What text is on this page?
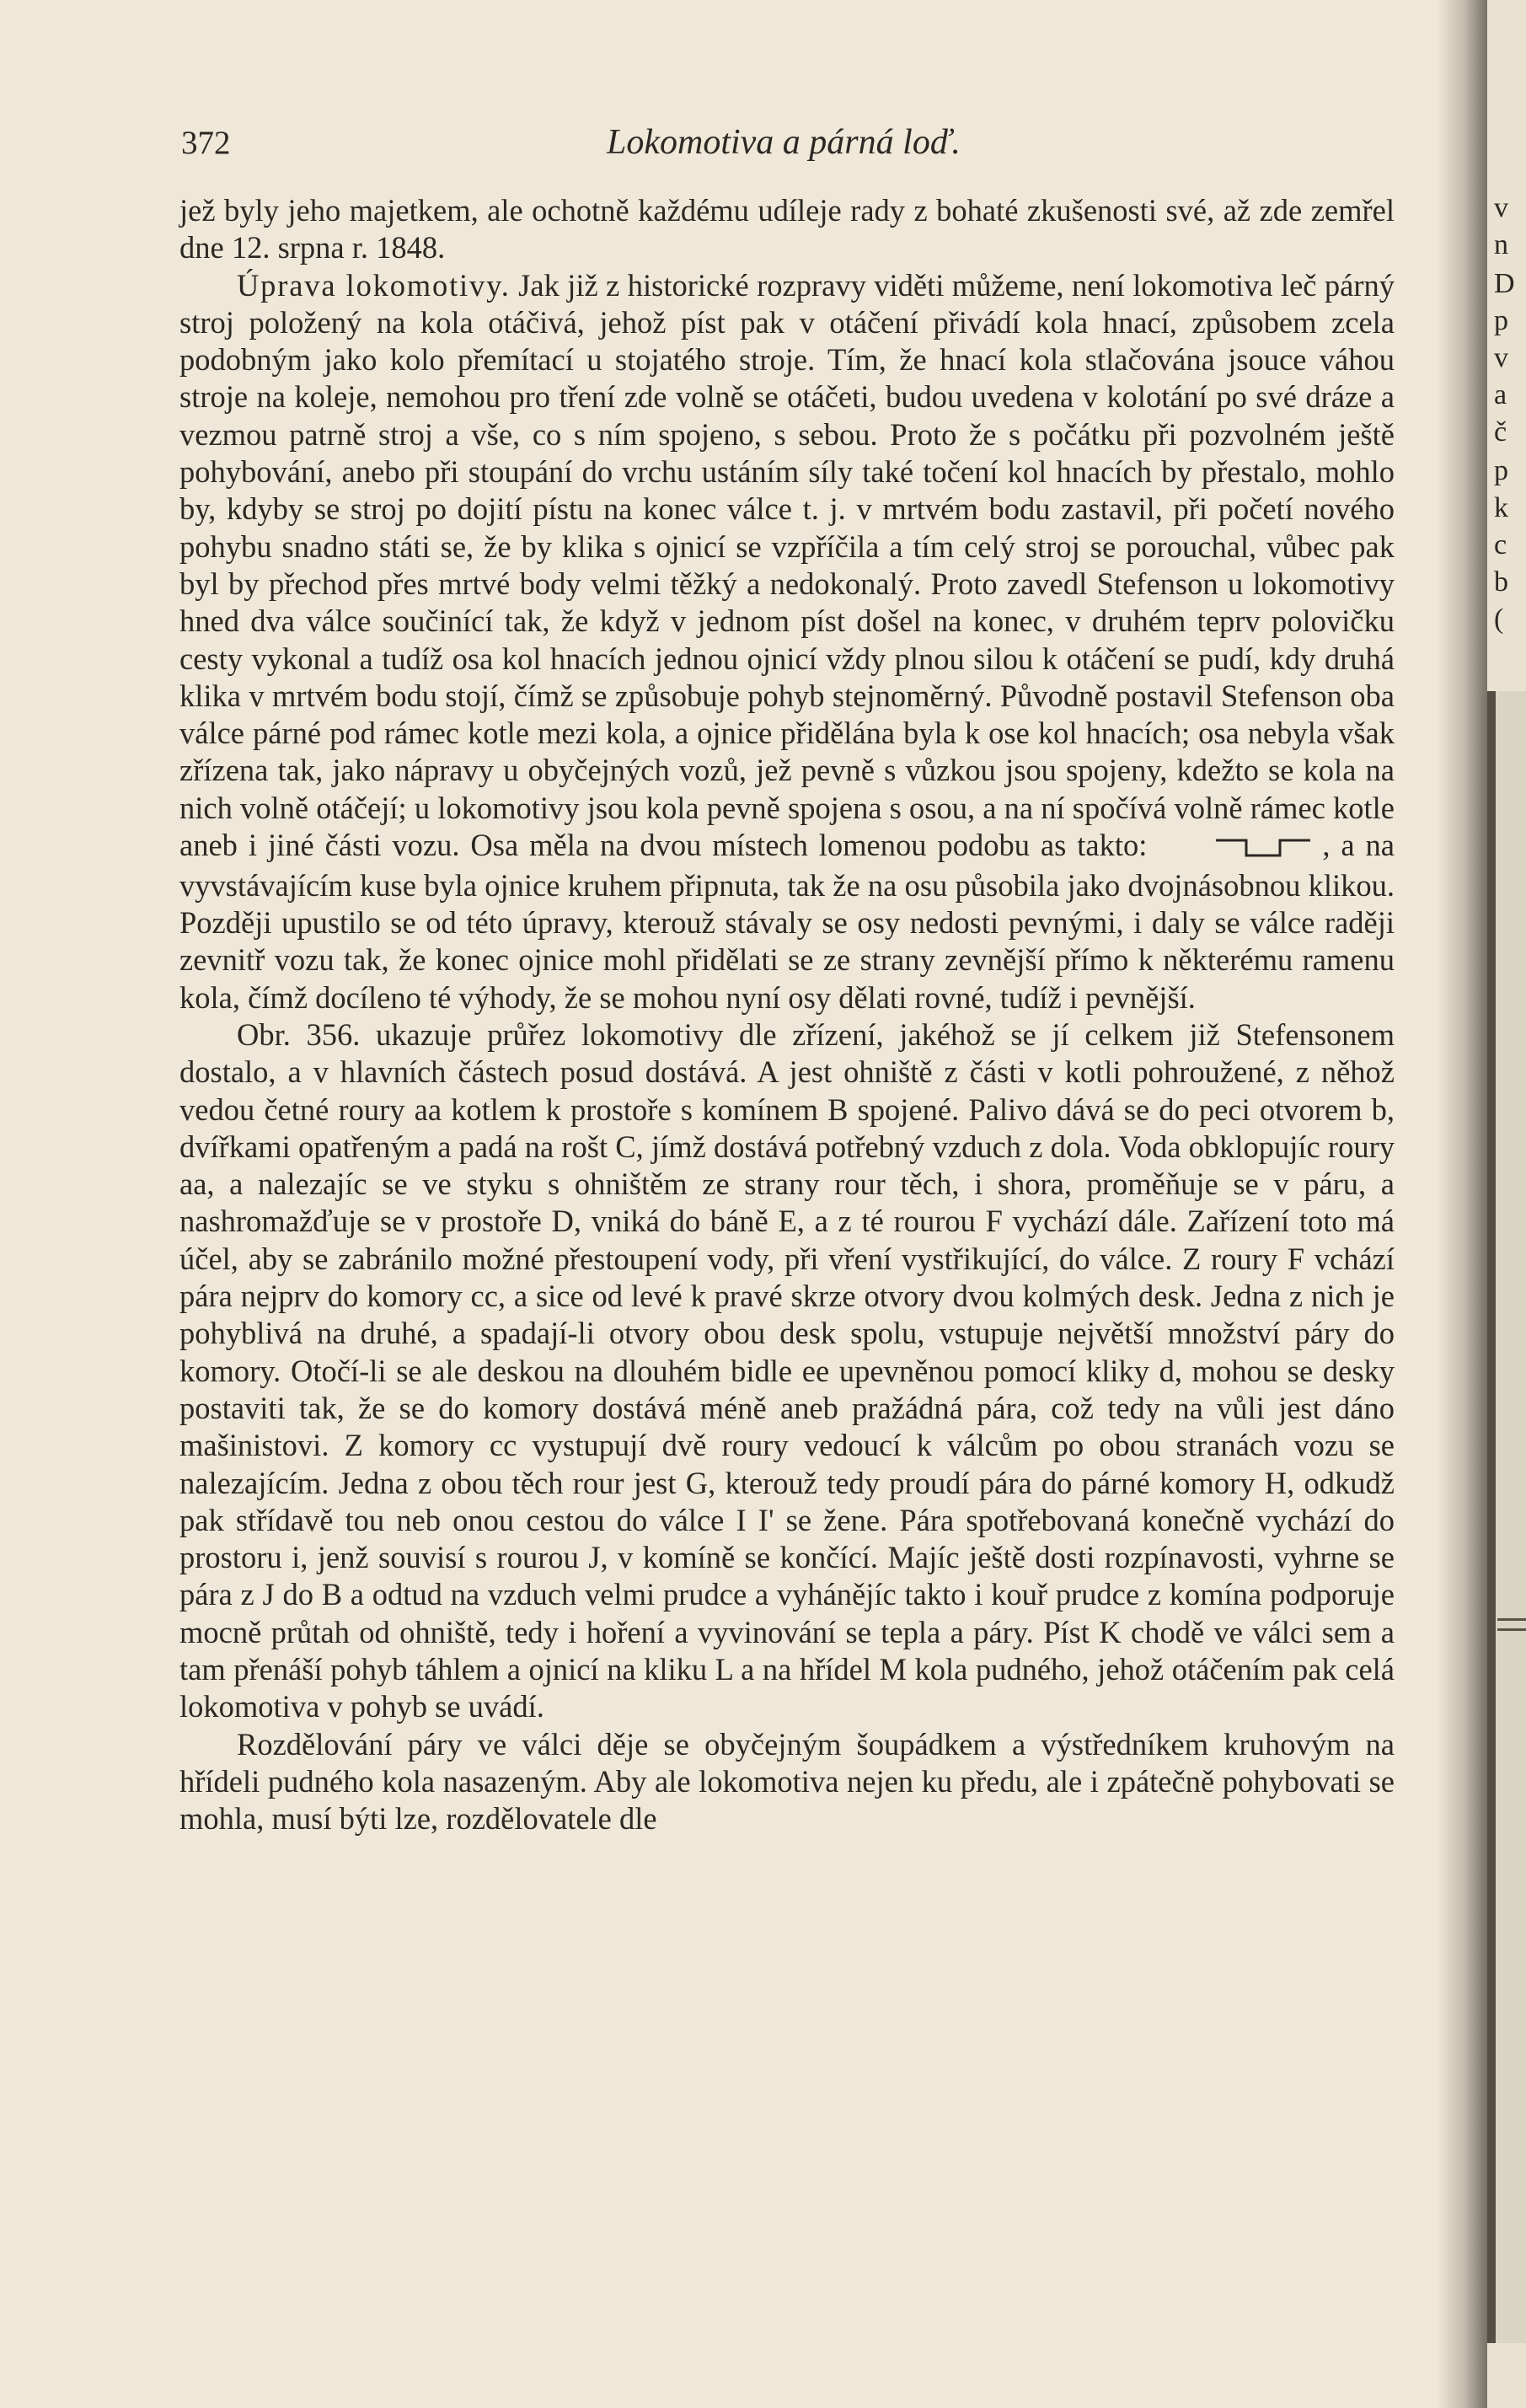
372	Lokomotiva a párná loď.

jež byly jeho majetkem, ale ochotně každému udíleje rady z bohaté zkušenosti své, až zde zemřel dne 12. srpna r. 1848.

Úprava lokomotivy. Jak již z historické rozpravy viděti můžeme, není lokomotiva leč párný stroj položený na kola otáčivá, jehož píst pak v otáčení přivádí kola hnací, způsobem zcela podobným jako kolo přemítací u stojatého stroje. Tím, že hnací kola stlačována jsouce váhou stroje na koleje, nemohou pro tření zde volně se otáčeti, budou uvedena v kolotání po své dráze a vezmou patrně stroj a vše, co s ním spojeno, s sebou. Proto že s počátku při pozvolném ještě pohybování, anebo při stoupání do vrchu ustáním síly také točení kol hnacích by přestalo, mohlo by, kdyby se stroj po dojití pístu na konec válce t. j. v mrtvém bodu zastavil, při početí nového pohybu snadno státi se, že by klika s ojnicí se vzpříčila a tím celý stroj se porouchal, vůbec pak byl by přechod přes mrtvé body velmi těžký a nedokonalý. Proto zavedl Stefenson u lokomotivy hned dva válce součinící tak, že když v jednom píst došel na konec, v druhém teprv polovičku cesty vykonal a tudíž osa kol hnacích jednou ojnicí vždy plnou silou k otáčení se pudí, kdy druhá klika v mrtvém bodu stojí, čímž se způsobuje pohyb stejnoměrný. Původně postavil Stefenson oba válce párné pod rámec kotle mezi kola, a ojnice přidělána byla k ose kol hnacích; osa nebyla však zřízena tak, jako nápravy u obyčejných vozů, jež pevně s vůzkou jsou spojeny, kdežto se kola na nich volně otáčejí; u lokomotivy jsou kola pevně spojena s osou, a na ní spočívá volně rámec kotle aneb i jiné části vozu. Osa měla na dvou místech lomenou podobu as takto:	, a na vyvstávajícím kuse byla ojnice kruhem připnuta, tak že na osu působila jako dvojnásobnou klikou. Později upustilo se od této úpravy, kterouž stávaly se osy nedosti pevnými, i daly se válce raději zevnitř vozu tak, že konec ojnice mohl přidělati se ze strany zevnější přímo k některému ramenu kola, čímž docíleno té výhody, že se mohou nyní osy dělati rovné, tudíž i pevnější.

Obr. 356. ukazuje průřez lokomotivy dle zřízení, jakéhož se jí celkem již Stefensonem dostalo, a v hlavních částech posud dostává. A jest ohniště z části v kotli pohroužené, z něhož vedou četné roury aa kotlem k prostoře s komínem B spojené. Palivo dává se do peci otvorem b, dvířkami opatřeným a padá na rošt C, jímž dostává potřebný vzduch z dola. Voda obklopujíc roury aa, a nalezajíc se ve styku s ohništěm ze strany rour těch, i shora, proměňuje se v páru, a nashromažďuje se v prostoře D, vniká do báně E, a z té rourou F vychází dále. Zařízení toto má účel, aby se zabránilo možné přestoupení vody, při vření vystřikující, do válce. Z roury F vchází pára nejprv do komory cc, a sice od levé k pravé skrze otvory dvou kolmých desk. Jedna z nich je pohyblivá na druhé, a spadají-li otvory obou desk spolu, vstupuje největší množství páry do komory. Otočí-li se ale deskou na dlouhém bidle ee upevněnou pomocí kliky d, mohou se desky postaviti tak, že se do komory dostává méně aneb pražádná pára, což tedy na vůli jest dáno mašinistovi. Z komory cc vystupují dvě roury vedoucí k válcům po obou stranách vozu se nalezajícím. Jedna z obou těch rour jest G, kterouž tedy proudí pára do párné komory H, odkudž pak střídavě tou neb onou cestou do válce I I' se žene. Pára spotřebovaná konečně vychází do prostoru i, jenž souvisí s rourou J, v komíně se končící. Majíc ještě dosti rozpínavosti, vyhrne se pára z J do B a odtud na vzduch velmi prudce a vyhánějíc takto i kouř prudce z komína podporuje mocně průtah od ohniště, tedy i hoření a vyvinování se tepla a páry. Píst K chodě ve válci sem a tam přenáší pohyb táhlem a ojnicí na kliku L a na hřídel M kola pudného, jehož otáčením pak celá lokomotiva v pohyb se uvádí.

Rozdělování páry ve válci děje se obyčejným šoupádkem a výstředníkem kruhovým na hřídeli pudného kola nasazeným. Aby ale lokomotiva nejen ku předu, ale i zpátečně pohybovati se mohla, musí býti lze, rozdělovatele dle

v
n
D
p
v
a
č
p
k
c
b
(
